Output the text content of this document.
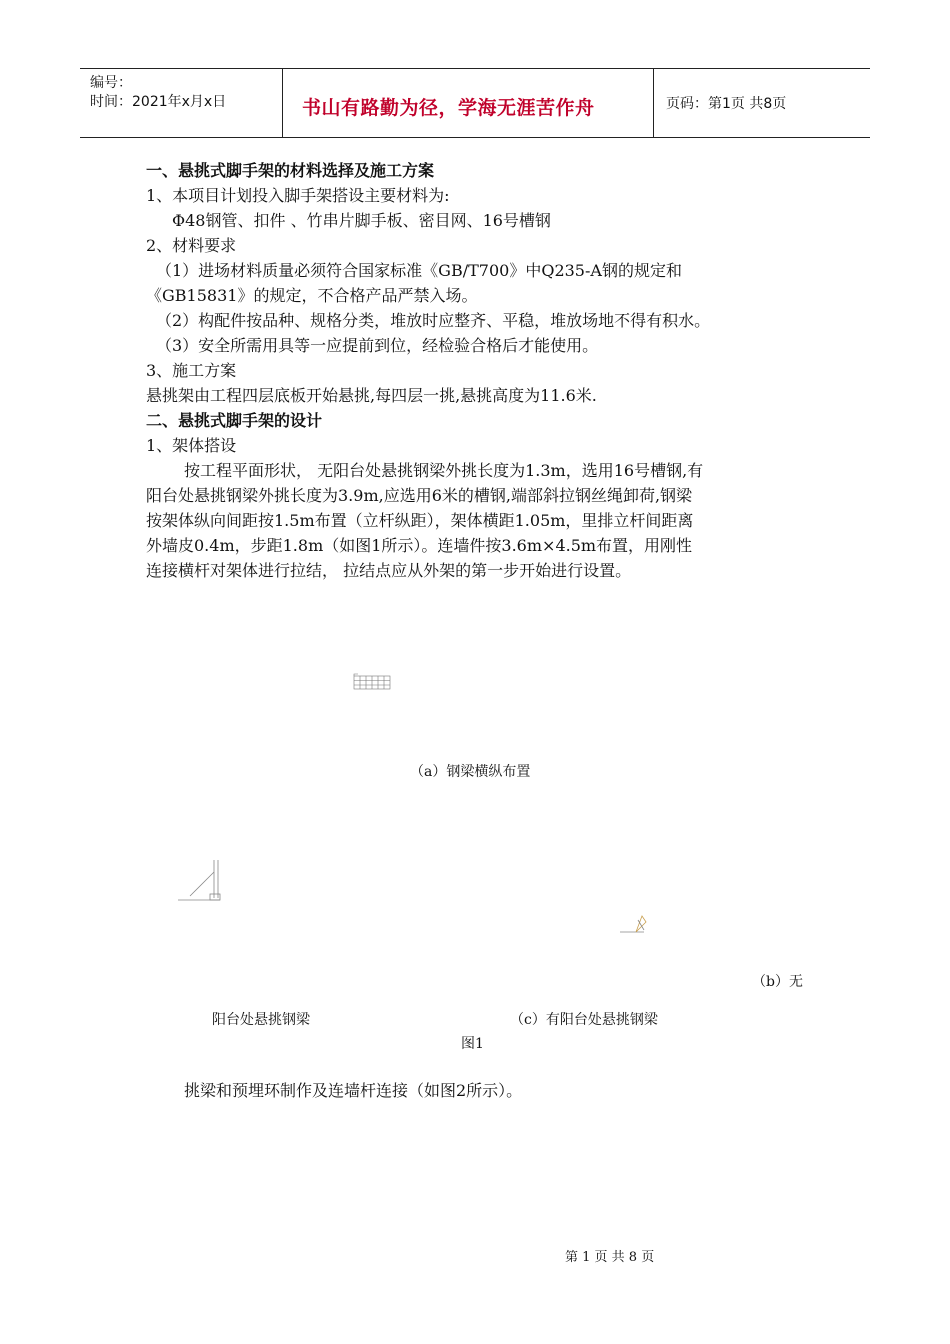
编号：
时间：2021年x月x日	书山有路勤为径，学海无涯苦作舟	页码：第1页 共8页
一、悬挑式脚手架的材料选择及施工方案
1、本项目计划投入脚手架搭设主要材料为:
Φ48钢管、扣件 、竹串片脚手板、密目网、16号槽钢
2、材料要求
（1）进场材料质量必须符合国家标准《GB/T700》中Q235-A钢的规定和
《GB15831》的规定，不合格产品严禁入场。
（2）构配件按品种、规格分类，堆放时应整齐、平稳，堆放场地不得有积水。
（3）安全所需用具等一应提前到位，经检验合格后才能使用。
3、施工方案
悬挑架由工程四层底板开始悬挑,每四层一挑,悬挑高度为11.6米.
二、悬挑式脚手架的设计
1、架体搭设
按工程平面形状， 无阳台处悬挑钢梁外挑长度为1.3m，选用16号槽钢,有
阳台处悬挑钢梁外挑长度为3.9m,应选用6米的槽钢,端部斜拉钢丝绳卸荷,钢梁
按架体纵向间距按1.5m布置（立杆纵距），架体横距1.05m，里排立杆间距离
外墙皮0.4m，步距1.8m（如图1所示）。连墙件按3.6m×4.5m布置，用刚性
连接横杆对架体进行拉结， 拉结点应从外架的第一步开始进行设置。
（a）钢梁横纵布置
（b）无
阳台处悬挑钢梁	（c）有阳台处悬挑钢梁
图1
挑梁和预埋环制作及连墙杆连接（如图2所示）。
第 1 页 共 8 页
